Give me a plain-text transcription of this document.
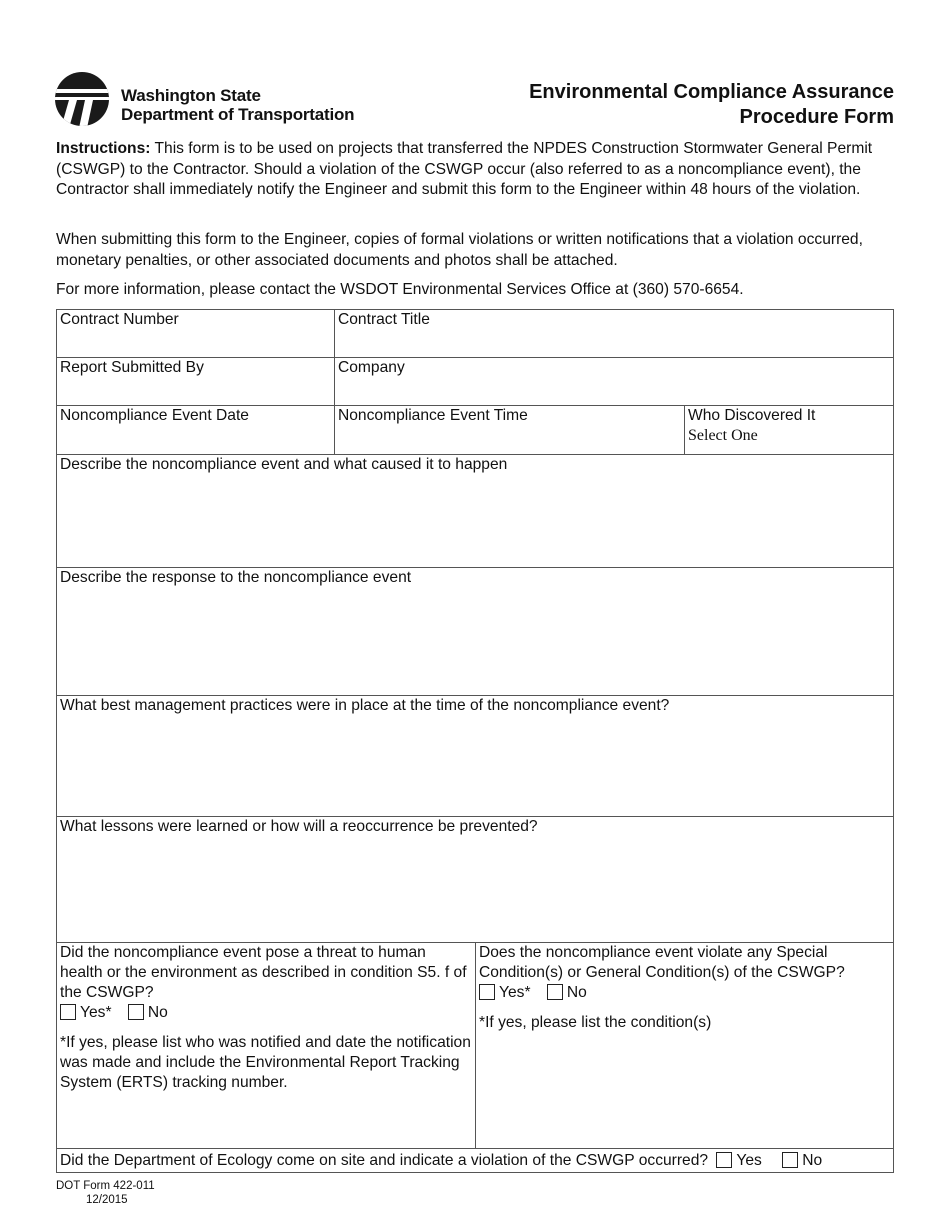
Washington State
Department of Transportation
Environmental Compliance Assurance
Procedure Form
Instructions: This form is to be used on projects that transferred the NPDES Construction Stormwater General Permit (CSWGP) to the Contractor. Should a violation of the CSWGP occur (also referred to as a noncompliance event), the Contractor shall immediately notify the Engineer and submit this form to the Engineer within 48 hours of the violation.
When submitting this form to the Engineer, copies of formal violations or written notifications that a violation occurred, monetary penalties, or other associated documents and photos shall be attached.
For more information, please contact the WSDOT Environmental Services Office at (360) 570-6654.
Contract Number	Contract Title
Report Submitted By	Company
Noncompliance Event Date	Noncompliance Event Time	Who Discovered It
Select One
Describe the noncompliance event and what caused it to happen
Describe the response to the noncompliance event
What best management practices were in place at the time of the noncompliance event?
What lessons were learned or how will a reoccurrence be prevented?
Did the noncompliance event pose a threat to human health or the environment as described in condition S5. f of the CSWGP?
Yes* No
*If yes, please list who was notified and date the notification was made and include the Environmental Report Tracking System (ERTS) tracking number.
Does the noncompliance event violate any Special Condition(s) or General Condition(s) of the CSWGP?
Yes* No
*If yes, please list the condition(s)
Did the Department of Ecology come on site and indicate a violation of the CSWGP occurred? Yes	No
DOT Form 422-011
12/2015
